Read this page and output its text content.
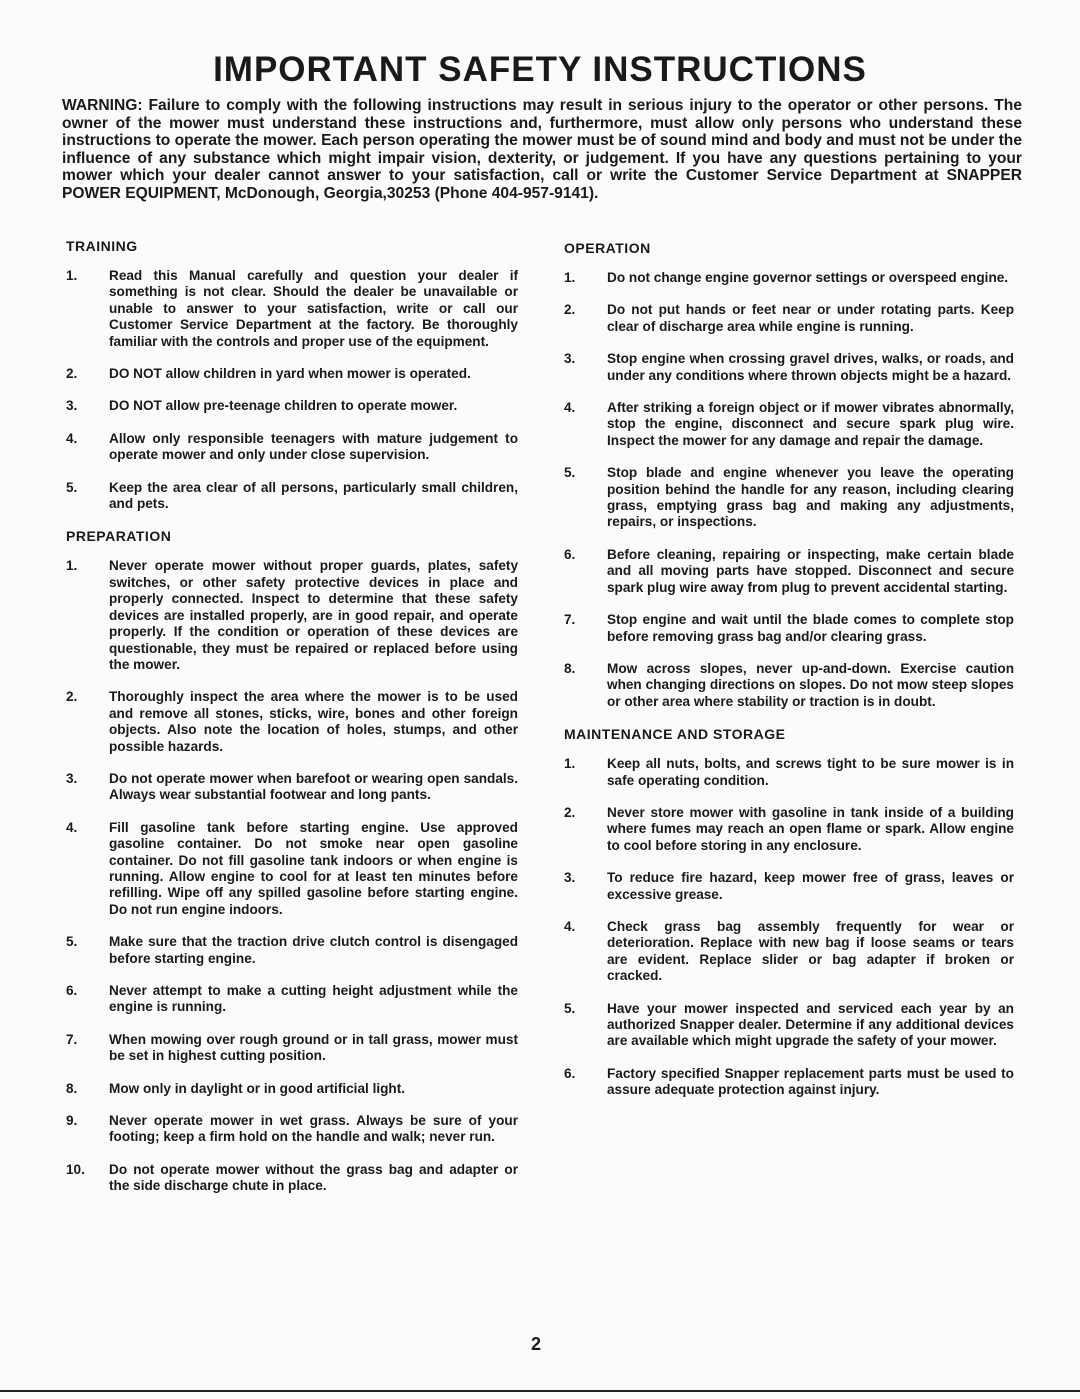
IMPORTANT SAFETY INSTRUCTIONS

WARNING: Failure to comply with the following instructions may result in serious injury to the operator or other persons. The owner of the mower must understand these instructions and, furthermore, must allow only persons who understand these instructions to operate the mower. Each person operating the mower must be of sound mind and body and must not be under the influence of any substance which might impair vision, dexterity, or judgement. If you have any questions pertaining to your mower which your dealer cannot answer to your satisfaction, call or write the Customer Service Department at SNAPPER POWER EQUIPMENT, McDonough, Georgia,30253 (Phone 404-957-9141).

TRAINING
1.	Read this Manual carefully and question your dealer if something is not clear. Should the dealer be unavailable or unable to answer to your satisfaction, write or call our Customer Service Department at the factory. Be thoroughly familiar with the controls and proper use of the equipment.
2.	DO NOT allow children in yard when mower is operated.
3.	DO NOT allow pre-teenage children to operate mower.
4.	Allow only responsible teenagers with mature judgement to operate mower and only under close supervision.
5.	Keep the area clear of all persons, particularly small children, and pets.
PREPARATION
1.	Never operate mower without proper guards, plates, safety switches, or other safety protective devices in place and properly connected. Inspect to determine that these safety devices are installed properly, are in good repair, and operate properly. If the condition or operation of these devices are questionable, they must be repaired or replaced before using the mower.
2.	Thoroughly inspect the area where the mower is to be used and remove all stones, sticks, wire, bones and other foreign objects. Also note the location of holes, stumps, and other possible hazards.
3.	Do not operate mower when barefoot or wearing open sandals. Always wear substantial footwear and long pants.
4.	Fill gasoline tank before starting engine. Use approved gasoline container. Do not smoke near open gasoline container. Do not fill gasoline tank indoors or when engine is running. Allow engine to cool for at least ten minutes before refilling. Wipe off any spilled gasoline before starting engine. Do not run engine indoors.
5.	Make sure that the traction drive clutch control is disengaged before starting engine.
6.	Never attempt to make a cutting height adjustment while the engine is running.
7.	When mowing over rough ground or in tall grass, mower must be set in highest cutting position.
8.	Mow only in daylight or in good artificial light.
9.	Never operate mower in wet grass. Always be sure of your footing; keep a firm hold on the handle and walk; never run.
10.	Do not operate mower without the grass bag and adapter or the side discharge chute in place.
OPERATION
1.	Do not change engine governor settings or overspeed engine.
2.	Do not put hands or feet near or under rotating parts. Keep clear of discharge area while engine is running.
3.	Stop engine when crossing gravel drives, walks, or roads, and under any conditions where thrown objects might be a hazard.
4.	After striking a foreign object or if mower vibrates abnormally, stop the engine, disconnect and secure spark plug wire. Inspect the mower for any damage and repair the damage.
5.	Stop blade and engine whenever you leave the operating position behind the handle for any reason, including clearing grass, emptying grass bag and making any adjustments, repairs, or inspections.
6.	Before cleaning, repairing or inspecting, make certain blade and all moving parts have stopped. Disconnect and secure spark plug wire away from plug to prevent accidental starting.
7.	Stop engine and wait until the blade comes to complete stop before removing grass bag and/or clearing grass.
8.	Mow across slopes, never up-and-down. Exercise caution when changing directions on slopes. Do not mow steep slopes or other area where stability or traction is in doubt.
MAINTENANCE AND STORAGE
1.	Keep all nuts, bolts, and screws tight to be sure mower is in safe operating condition.
2.	Never store mower with gasoline in tank inside of a building where fumes may reach an open flame or spark. Allow engine to cool before storing in any enclosure.
3.	To reduce fire hazard, keep mower free of grass, leaves or excessive grease.
4.	Check grass bag assembly frequently for wear or deterioration. Replace with new bag if loose seams or tears are evident. Replace slider or bag adapter if broken or cracked.
5.	Have your mower inspected and serviced each year by an authorized Snapper dealer. Determine if any additional devices are available which might upgrade the safety of your mower.
6.	Factory specified Snapper replacement parts must be used to assure adequate protection against injury.
2
